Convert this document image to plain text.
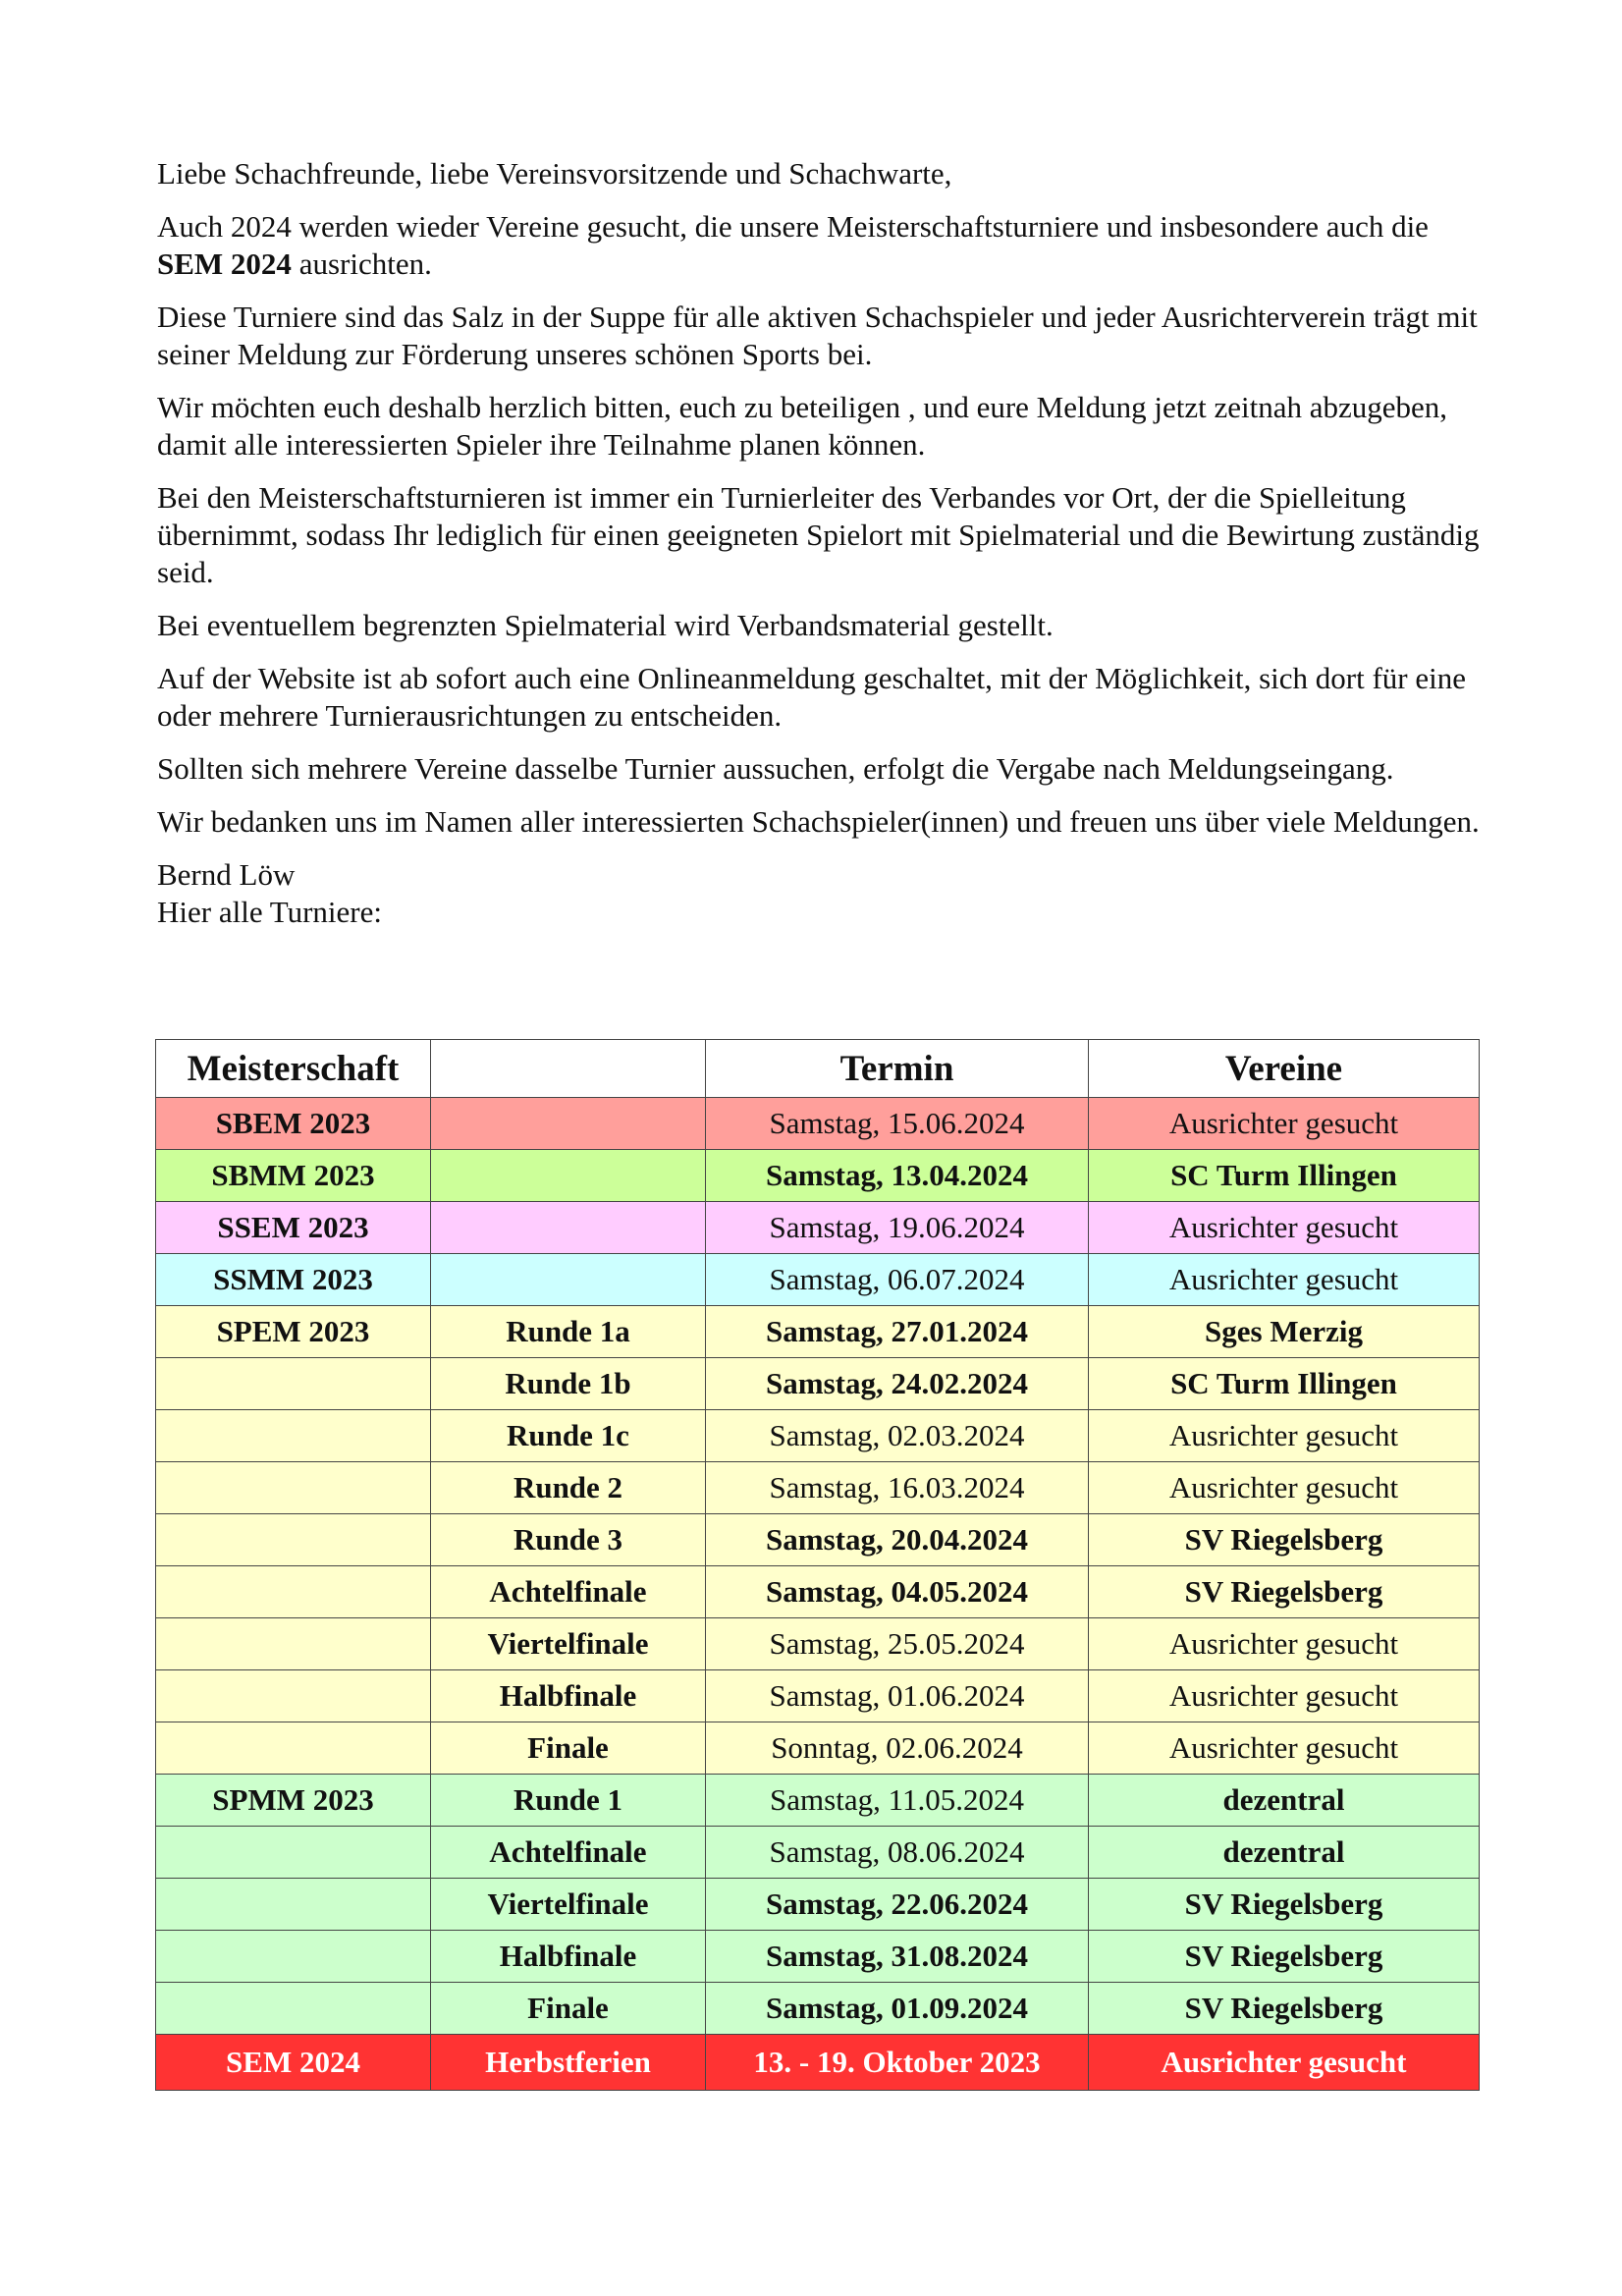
Liebe Schachfreunde, liebe Vereinsvorsitzende und Schachwarte,

Auch 2024 werden wieder Vereine gesucht, die unsere Meisterschaftsturniere und insbesondere auch die SEM 2024 ausrichten.

Diese Turniere sind das Salz in der Suppe für alle aktiven Schachspieler und jeder Ausrichterverein trägt mit seiner Meldung zur Förderung unseres schönen Sports bei.

Wir möchten euch deshalb herzlich bitten, euch zu beteiligen , und eure Meldung jetzt zeitnah abzugeben, damit alle interessierten Spieler ihre Teilnahme planen können.

Bei den Meisterschaftsturnieren ist immer ein Turnierleiter des Verbandes vor Ort, der die Spielleitung übernimmt, sodass Ihr lediglich für einen geeigneten Spielort mit Spielmaterial und die Bewirtung zuständig seid.

Bei eventuellem begrenzten Spielmaterial wird Verbandsmaterial gestellt.

Auf der Website ist ab sofort auch eine Onlineanmeldung geschaltet, mit der Möglichkeit, sich dort für eine oder mehrere Turnierausrichtungen zu entscheiden.

Sollten sich mehrere Vereine dasselbe Turnier aussuchen, erfolgt die Vergabe nach Meldungseingang.

Wir bedanken uns im Namen aller interessierten Schachspieler(innen) und freuen uns über viele Meldungen.

Bernd Löw

Hier alle Turniere:

Meisterschaft		Termin	Vereine
SBEM 2023		Samstag, 15.06.2024	Ausrichter gesucht
SBMM 2023		Samstag, 13.04.2024	SC Turm Illingen
SSEM 2023		Samstag, 19.06.2024	Ausrichter gesucht
SSMM 2023		Samstag, 06.07.2024	Ausrichter gesucht
SPEM 2023	Runde 1a	Samstag, 27.01.2024	Sges Merzig
	Runde 1b	Samstag, 24.02.2024	SC Turm Illingen
	Runde 1c	Samstag, 02.03.2024	Ausrichter gesucht
	Runde 2	Samstag, 16.03.2024	Ausrichter gesucht
	Runde 3	Samstag, 20.04.2024	SV Riegelsberg
	Achtelfinale	Samstag, 04.05.2024	SV Riegelsberg
	Viertelfinale	Samstag, 25.05.2024	Ausrichter gesucht
	Halbfinale	Samstag, 01.06.2024	Ausrichter gesucht
	Finale	Sonntag, 02.06.2024	Ausrichter gesucht
SPMM 2023	Runde 1	Samstag, 11.05.2024	dezentral
	Achtelfinale	Samstag, 08.06.2024	dezentral
	Viertelfinale	Samstag, 22.06.2024	SV Riegelsberg
	Halbfinale	Samstag, 31.08.2024	SV Riegelsberg
	Finale	Samstag, 01.09.2024	SV Riegelsberg
SEM 2024	Herbstferien	13. - 19. Oktober 2023	Ausrichter gesucht
